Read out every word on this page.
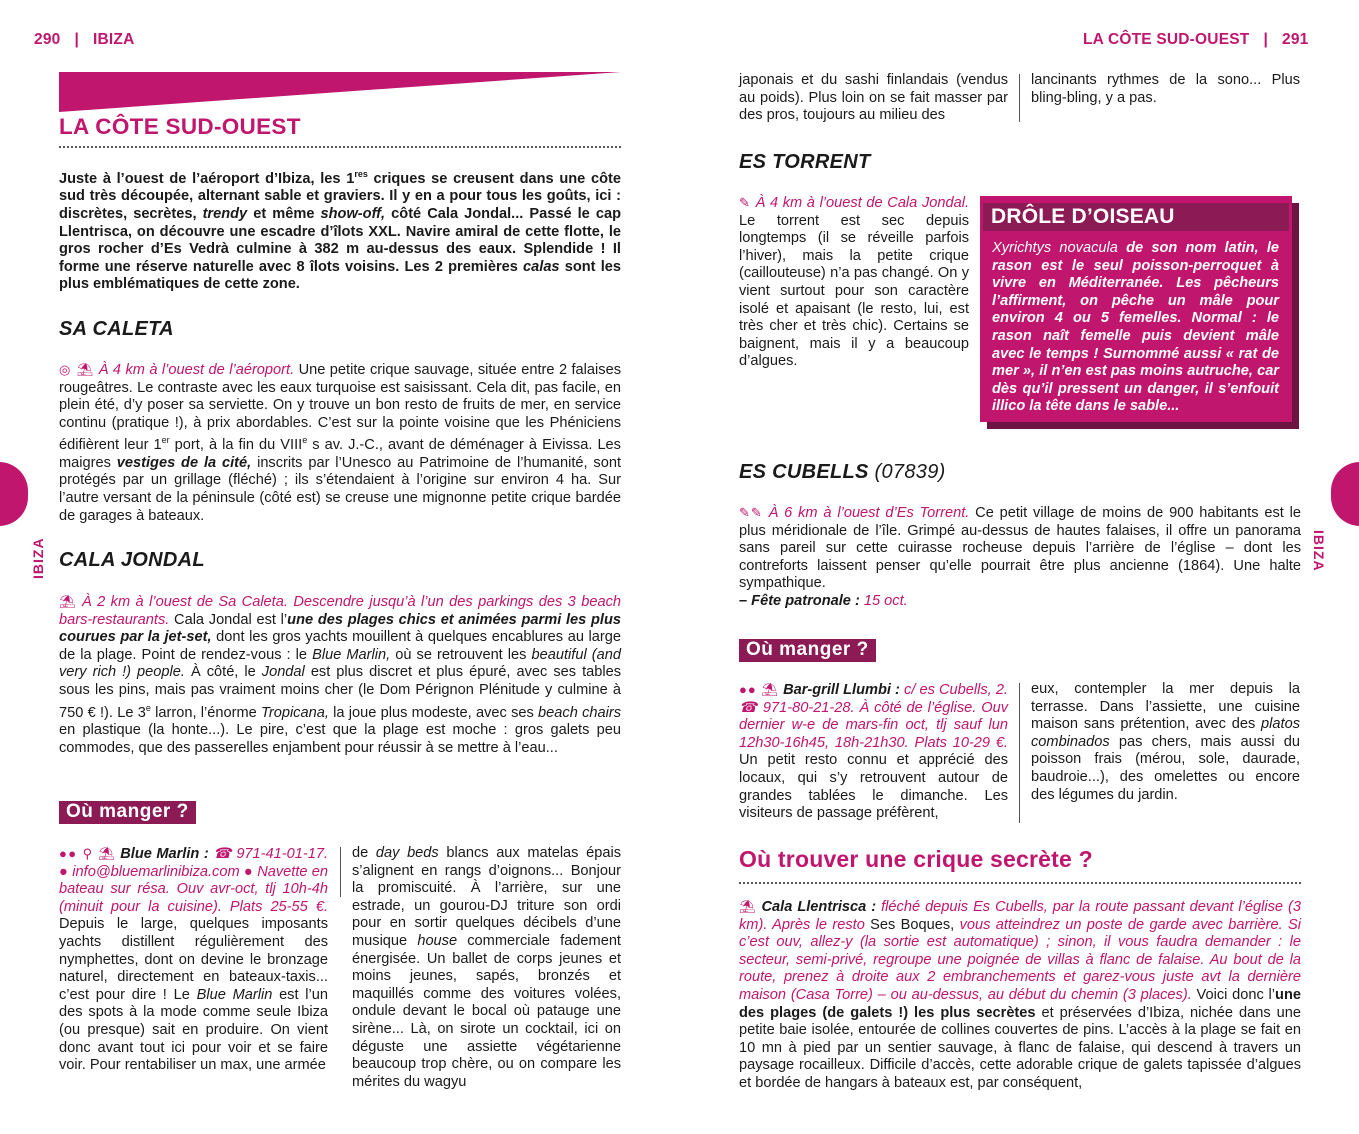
290 | IBIZA	LA CÔTE SUD-OUEST | 291
IBIZA	IBIZA
LA CÔTE SUD-OUEST
Juste à l’ouest de l’aéroport d’Ibiza, les 1res criques se creusent dans une côte sud très découpée, alternant sable et graviers. Il y en a pour tous les goûts, ici : discrètes, secrètes, trendy et même show-off, côté Cala Jondal... Passé le cap Llentrisca, on découvre une escadre d’îlots XXL. Navire amiral de cette flotte, le gros rocher d’Es Vedrà culmine à 382 m au-dessus des eaux. Splendide ! Il forme une réserve naturelle avec 8 îlots voisins. Les 2 premières calas sont les plus emblématiques de cette zone.
SA CALETA
◎ ⛱ À 4 km à l’ouest de l’aéroport. Une petite crique sauvage, située entre 2 falaises rougeâtres. Le contraste avec les eaux turquoise est saisissant. Cela dit, pas facile, en plein été, d’y poser sa serviette. On y trouve un bon resto de fruits de mer, en service continu (pratique !), à prix abordables. C’est sur la pointe voisine que les Phéniciens édifièrent leur 1er port, à la fin du VIIIe s av. J.-C., avant de déménager à Eivissa. Les maigres vestiges de la cité, inscrits par l’Unesco au Patrimoine de l’humanité, sont protégés par un grillage (fléché) ; ils s’étendaient à l’origine sur environ 4 ha. Sur l’autre versant de la péninsule (côté est) se creuse une mignonne petite crique bardée de garages à bateaux.
CALA JONDAL
⛱ À 2 km à l’ouest de Sa Caleta. Descendre jusqu’à l’un des parkings des 3 beach bars-restaurants. Cala Jondal est l’une des plages chics et animées parmi les plus courues par la jet-set, dont les gros yachts mouillent à quelques encablures au large de la plage. Point de rendez-vous : le Blue Marlin, où se retrouvent les beautiful (and very rich !) people. À côté, le Jondal est plus discret et plus épuré, avec ses tables sous les pins, mais pas vraiment moins cher (le Dom Pérignon Plénitude y culmine à 750 € !). Le 3e larron, l’énorme Tropicana, la joue plus modeste, avec ses beach chairs en plastique (la honte...). Le pire, c’est que la plage est moche : gros galets peu commodes, que des passerelles enjambent pour réussir à se mettre à l’eau...
Où manger ?
●● ⚲ ⛱ Blue Marlin : ☎ 971-41-01-17. ● info@bluemarlinibiza.com ● Navette en bateau sur résa. Ouv avr-oct, tlj 10h-4h (minuit pour la cuisine). Plats 25-55 €. Depuis le large, quelques imposants yachts distillent régulièrement des nymphettes, dont on devine le bronzage naturel, directement en bateaux-taxis... c’est pour dire ! Le Blue Marlin est l’un des spots à la mode comme seule Ibiza (ou presque) sait en produire. On vient donc avant tout ici pour voir et se faire voir. Pour rentabiliser un max, une armée
de day beds blancs aux matelas épais s’alignent en rangs d’oignons... Bonjour la promiscuité. À l’arrière, sur une estrade, un gourou-DJ triture son ordi pour en sortir quelques décibels d’une musique house commerciale fadement énergisée. Un ballet de corps jeunes et moins jeunes, sapés, bronzés et maquillés comme des voitures volées, ondule devant le bocal où patauge une sirène... Là, on sirote un cocktail, ici on déguste une assiette végétarienne beaucoup trop chère, ou on compare les mérites du wagyu
japonais et du sashi finlandais (vendus au poids). Plus loin on se fait masser par des pros, toujours au milieu des
lancinants rythmes de la sono... Plus bling-bling, y a pas.
ES TORRENT
✎ À 4 km à l’ouest de Cala Jondal. Le torrent est sec depuis longtemps (il se réveille parfois l’hiver), mais la petite crique (caillouteuse) n’a pas changé. On y vient surtout pour son caractère isolé et apaisant (le resto, lui, est très cher et très chic). Certains se baignent, mais il y a beaucoup d’algues.
DRÔLE D’OISEAU
Xyrichtys novacula de son nom latin, le rason est le seul poisson-perroquet à vivre en Méditerranée. Les pêcheurs l’affirment, on pêche un mâle pour environ 4 ou 5 femelles. Normal : le rason naît femelle puis devient mâle avec le temps ! Surnommé aussi « rat de mer », il n’en est pas moins autruche, car dès qu’il pressent un danger, il s’enfouit illico la tête dans le sable...
ES CUBELLS (07839)
✎✎ À 6 km à l’ouest d’Es Torrent. Ce petit village de moins de 900 habitants est le plus méridionale de l’île. Grimpé au-dessus de hautes falaises, il offre un panorama sans pareil sur cette cuirasse rocheuse depuis l’arrière de l’église – dont les contreforts laissent penser qu’elle pourrait être plus ancienne (1864). Une halte sympathique.
– Fête patronale : 15 oct.
Où manger ?
●● ⛱ Bar-grill Llumbi : c/ es Cubells, 2. ☎ 971-80-21-28. À côté de l’église. Ouv dernier w-e de mars-fin oct, tlj sauf lun 12h30-16h45, 18h-21h30. Plats 10-29 €. Un petit resto connu et apprécié des locaux, qui s’y retrouvent autour de grandes tablées le dimanche. Les visiteurs de passage préfèrent,
eux, contempler la mer depuis la terrasse. Dans l’assiette, une cuisine maison sans prétention, avec des platos combinados pas chers, mais aussi du poisson frais (mérou, sole, daurade, baudroie...), des omelettes ou encore des légumes du jardin.
Où trouver une crique secrète ?
⛱ Cala Llentrisca : fléché depuis Es Cubells, par la route passant devant l’église (3 km). Après le resto Ses Boques, vous atteindrez un poste de garde avec barrière. Si c’est ouv, allez-y (la sortie est automatique) ; sinon, il vous faudra demander : le secteur, semi-privé, regroupe une poignée de villas à flanc de falaise. Au bout de la route, prenez à droite aux 2 embranchements et garez-vous juste avt la dernière maison (Casa Torre) – ou au-dessus, au début du chemin (3 places). Voici donc l’une des plages (de galets !) les plus secrètes et préservées d’Ibiza, nichée dans une petite baie isolée, entourée de collines couvertes de pins. L’accès à la plage se fait en 10 mn à pied par un sentier sauvage, à flanc de falaise, qui descend à travers un paysage rocailleux. Difficile d’accès, cette adorable crique de galets tapissée d’algues et bordée de hangars à bateaux est, par conséquent,
